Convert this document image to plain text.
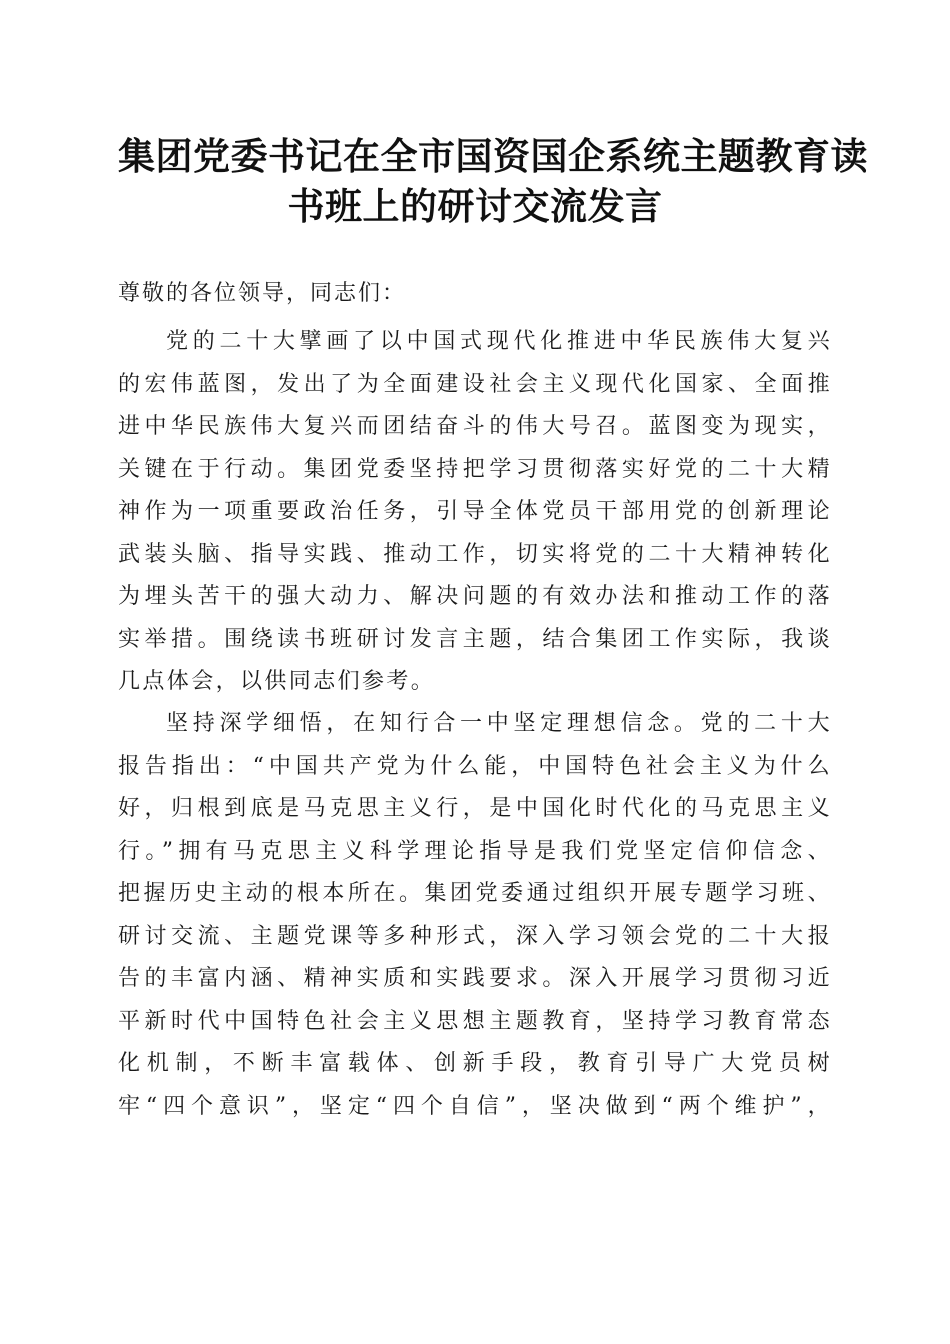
集团党委书记在全市国资国企系统主题教育读
书班上的研讨交流发言
尊敬的各位领导，同志们：
党的二十大擘画了以中国式现代化推进中华民族伟大复兴
的宏伟蓝图，发出了为全面建设社会主义现代化国家、全面推
进中华民族伟大复兴而团结奋斗的伟大号召。蓝图变为现实，
关键在于行动。集团党委坚持把学习贯彻落实好党的二十大精
神作为一项重要政治任务，引导全体党员干部用党的创新理论
武装头脑、指导实践、推动工作，切实将党的二十大精神转化
为埋头苦干的强大动力、解决问题的有效办法和推动工作的落
实举措。围绕读书班研讨发言主题，结合集团工作实际，我谈
几点体会，以供同志们参考。
坚持深学细悟，在知行合一中坚定理想信念。党的二十大
报告指出：“中国共产党为什么能，中国特色社会主义为什么
好，归根到底是马克思主义行，是中国化时代化的马克思主义
行。”拥有马克思主义科学理论指导是我们党坚定信仰信念、
把握历史主动的根本所在。集团党委通过组织开展专题学习班、
研讨交流、主题党课等多种形式，深入学习领会党的二十大报
告的丰富内涵、精神实质和实践要求。深入开展学习贯彻习近
平新时代中国特色社会主义思想主题教育，坚持学习教育常态
化机制，不断丰富载体、创新手段，教育引导广大党员树
牢“四个意识”，坚定“四个自信”，坚决做到“两个维护”，
